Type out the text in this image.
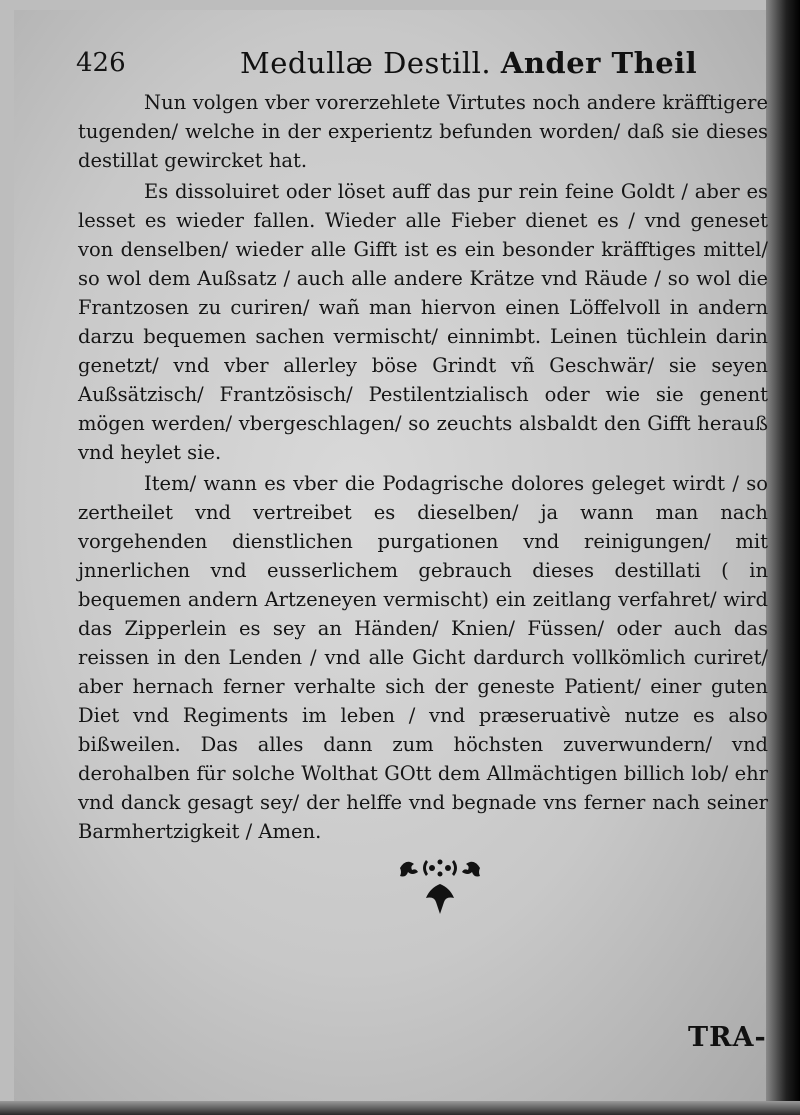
426	Medullæ Destill. Ander Theil

Nun volgen vber vorerzehlete Virtutes noch andere kräfftigere tugenden/ welche in der experientz befunden worden/ daß sie dieses destillat gewircket hat.

Es dissoluiret oder löset auff das pur rein feine Goldt / aber es lesset es wieder fallen. Wieder alle Fieber dienet es / vnd geneset von denselben/ wieder alle Gifft ist es ein besonder kräfftiges mittel/ so wol dem Außsatz / auch alle andere Krätze vnd Räude / so wol die Frantzosen zu curiren/ wañ man hiervon einen Löffelvoll in andern darzu bequemen sachen vermischt/ einnimbt. Leinen tüchlein darin genetzt/ vnd vber allerley böse Grindt vñ Geschwär/ sie seyen Außsätzisch/ Frantzösisch/ Pestilentzialisch oder wie sie genent mögen werden/ vbergeschlagen/ so zeuchts alsbaldt den Gifft herauß vnd heylet sie.

Item/ wann es vber die Podagrische dolores geleget wirdt / so zertheilet vnd vertreibet es dieselben/ ja wann man nach vorgehenden dienstlichen purgationen vnd reinigungen/ mit jnnerlichen vnd eusserlichem gebrauch dieses destillati ( in bequemen andern Artzeneyen vermischt) ein zeitlang verfahret/ wird das Zipperlein es sey an Händen/ Knien/ Füssen/ oder auch das reissen in den Lenden / vnd alle Gicht dardurch vollkömlich curiret/ aber hernach ferner verhalte sich der geneste Patient/ einer guten Diet vnd Regiments im leben / vnd præseruativè nutze es also bißweilen. Das alles dann zum höchsten zuverwundern/ vnd derohalben für solche Wolthat GOtt dem Allmächtigen billich lob/ ehr vnd danck gesagt sey/ der helffe vnd begnade vns ferner nach seiner Barmhertzigkeit / Amen.

TRA-
